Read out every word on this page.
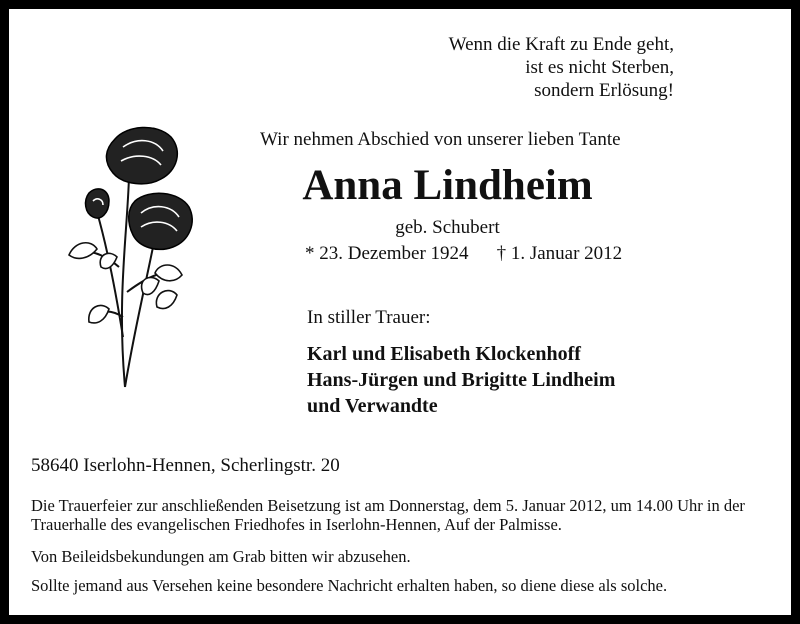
Wenn die Kraft zu Ende geht,
ist es nicht Sterben,
sondern Erlösung!
Wir nehmen Abschied von unserer lieben Tante
Anna Lindheim
geb. Schubert
* 23. Dezember 1924 † 1. Januar 2012
In stiller Trauer:
Karl und Elisabeth Klockenhoff
Hans-Jürgen und Brigitte Lindheim
und Verwandte
58640 Iserlohn-Hennen, Scherlingstr. 20
Die Trauerfeier zur anschließenden Beisetzung ist am Donnerstag, dem 5. Januar 2012, um 14.00 Uhr in der Trauerhalle des evangelischen Friedhofes in Iserlohn-Hennen, Auf der Palmisse.
Von Beileidsbekundungen am Grab bitten wir abzusehen.
Sollte jemand aus Versehen keine besondere Nachricht erhalten haben, so diene diese als solche.
